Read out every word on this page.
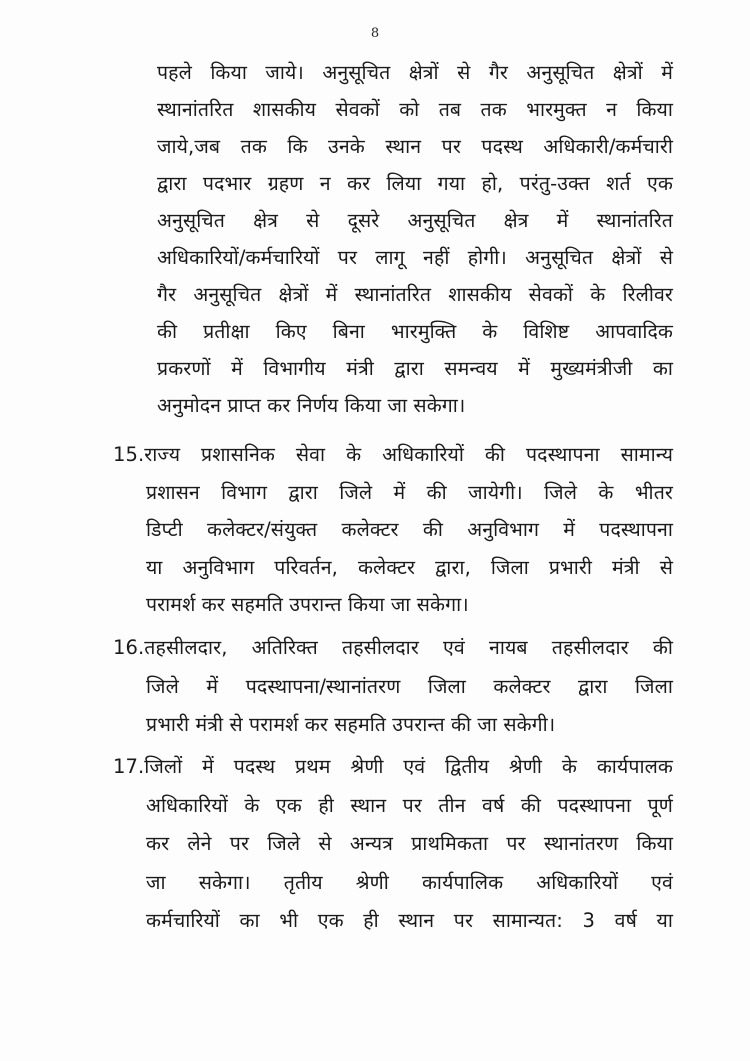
8
पहले किया जाये। अनुसूचित क्षेत्रों से गैर अनुसूचित क्षेत्रों में
स्थानांतरित शासकीय सेवकों को तब तक भारमुक्त न किया
जाये,जब तक कि उनके स्थान पर पदस्थ अधिकारी/कर्मचारी
द्वारा पदभार ग्रहण न कर लिया गया हो, परंतु-उक्त शर्त एक
अनुसूचित क्षेत्र से दूसरे अनुसूचित क्षेत्र में स्थानांतरित
अधिकारियों/कर्मचारियों पर लागू नहीं होगी। अनुसूचित क्षेत्रों से
गैर अनुसूचित क्षेत्रों में स्थानांतरित शासकीय सेवकों के रिलीवर
की प्रतीक्षा किए बिना भारमुक्ति के विशिष्ट आपवादिक
प्रकरणों में विभागीय मंत्री द्वारा समन्वय में मुख्यमंत्रीजी का
अनुमोदन प्राप्त कर निर्णय किया जा सकेगा।
15.राज्य प्रशासनिक सेवा के अधिकारियों की पदस्थापना सामान्य
प्रशासन विभाग द्वारा जिले में की जायेगी। जिले के भीतर
डिप्टी कलेक्टर/संयुक्त कलेक्टर की अनुविभाग में पदस्थापना
या अनुविभाग परिवर्तन, कलेक्टर द्वारा, जिला प्रभारी मंत्री से
परामर्श कर सहमति उपरान्त किया जा सकेगा।
16.तहसीलदार, अतिरिक्त तहसीलदार एवं नायब तहसीलदार की
जिले में पदस्थापना/स्थानांतरण जिला कलेक्टर द्वारा जिला
प्रभारी मंत्री से परामर्श कर सहमति उपरान्त की जा सकेगी।
17.जिलों में पदस्थ प्रथम श्रेणी एवं द्वितीय श्रेणी के कार्यपालक
अधिकारियों के एक ही स्थान पर तीन वर्ष की पदस्थापना पूर्ण
कर लेने पर जिले से अन्यत्र प्राथमिकता पर स्थानांतरण किया
जा सकेगा। तृतीय श्रेणी कार्यपालिक अधिकारियों एवं
कर्मचारियों का भी एक ही स्थान पर सामान्यत: 3 वर्ष या
